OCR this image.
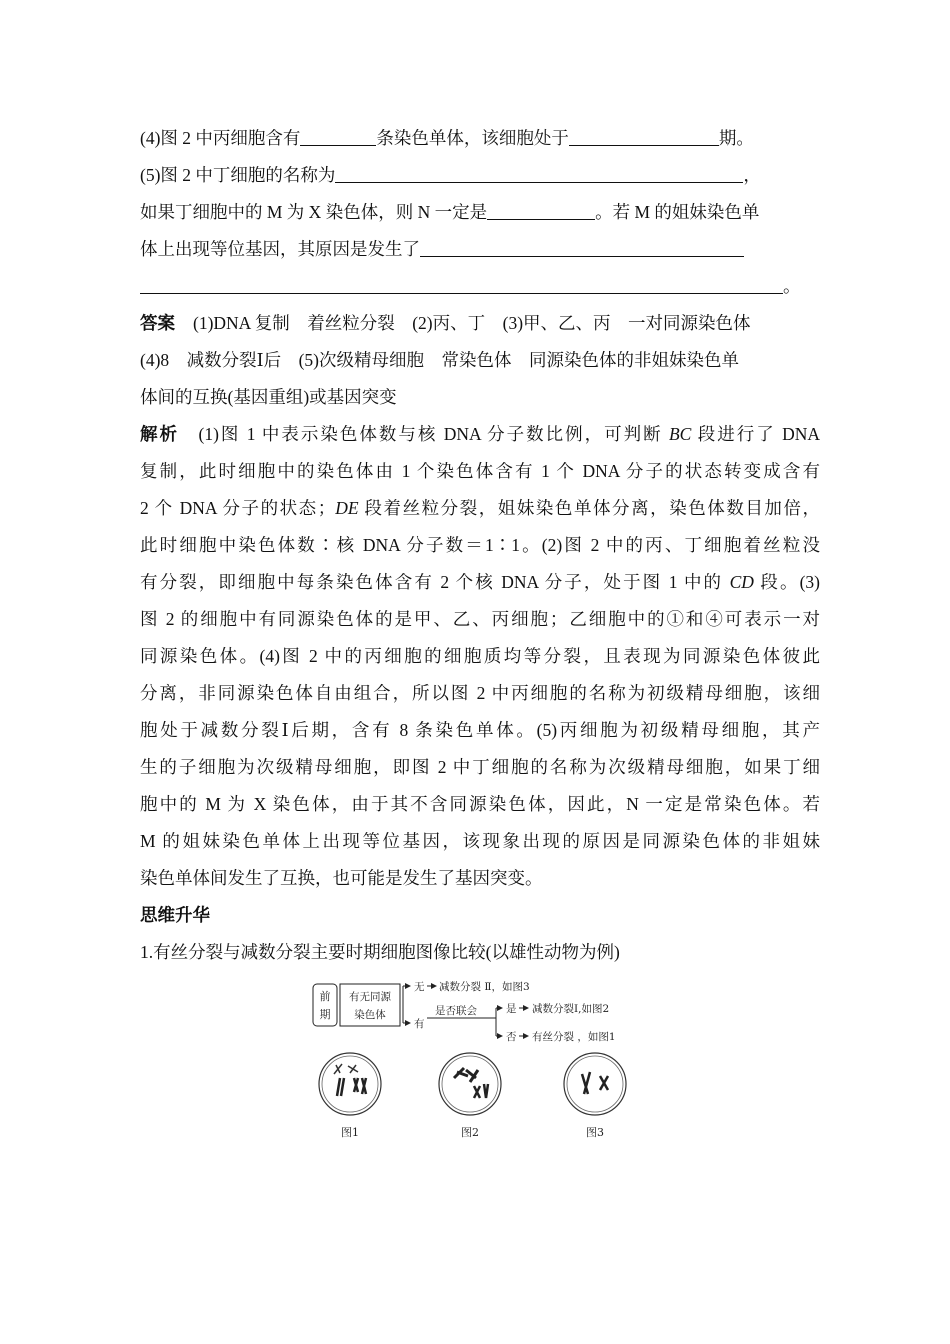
(4)图 2 中丙细胞含有	条染色单体，该细胞处于	期。
(5)图 2 中丁细胞的名称为	，
如果丁细胞中的 M 为 X 染色体，则 N 一定是	。若 M 的姐妹染色单
体上出现等位基因，其原因是发生了
。
答案 (1)DNA 复制　着丝粒分裂　(2)丙、丁　(3)甲、乙、丙　一对同源染色体
(4)8　减数分裂Ⅰ后　(5)次级精母细胞　常染色体　同源染色体的非姐妹染色单
体间的互换(基因重组)或基因突变
解析　(1)图 1 中表示染色体数与核 DNA 分子数比例，可判断 BC 段进行了 DNA
复制，此时细胞中的染色体由 1 个染色体含有 1 个 DNA 分子的状态转变成含有
2 个 DNA 分子的状态；DE 段着丝粒分裂，姐妹染色单体分离，染色体数目加倍，
此时细胞中染色体数∶核 DNA 分子数＝1∶1。(2)图 2 中的丙、丁细胞着丝粒没
有分裂，即细胞中每条染色体含有 2 个核 DNA 分子，处于图 1 中的 CD 段。(3)
图 2 的细胞中有同源染色体的是甲、乙、丙细胞；乙细胞中的①和④可表示一对
同源染色体。(4)图 2 中的丙细胞的细胞质均等分裂，且表现为同源染色体彼此
分离，非同源染色体自由组合，所以图 2 中丙细胞的名称为初级精母细胞，该细
胞处于减数分裂Ⅰ后期，含有 8 条染色单体。(5)丙细胞为初级精母细胞，其产
生的子细胞为次级精母细胞，即图 2 中丁细胞的名称为次级精母细胞，如果丁细
胞中的 M 为 X 染色体，由于其不含同源染色体，因此，N 一定是常染色体。若
M 的姐妹染色单体上出现等位基因，该现象出现的原因是同源染色体的非姐妹
染色单体间发生了互换，也可能是发生了基因突变。
思维升华
1.有丝分裂与减数分裂主要时期细胞图像比较(以雄性动物为例)
前
期
有无同源
染色体
无 减数分裂 Ⅱ，如图3
有
是否联会	是 减数分裂Ⅰ,如图2
否 有丝分裂 ，如图1
图1	图2	图3
